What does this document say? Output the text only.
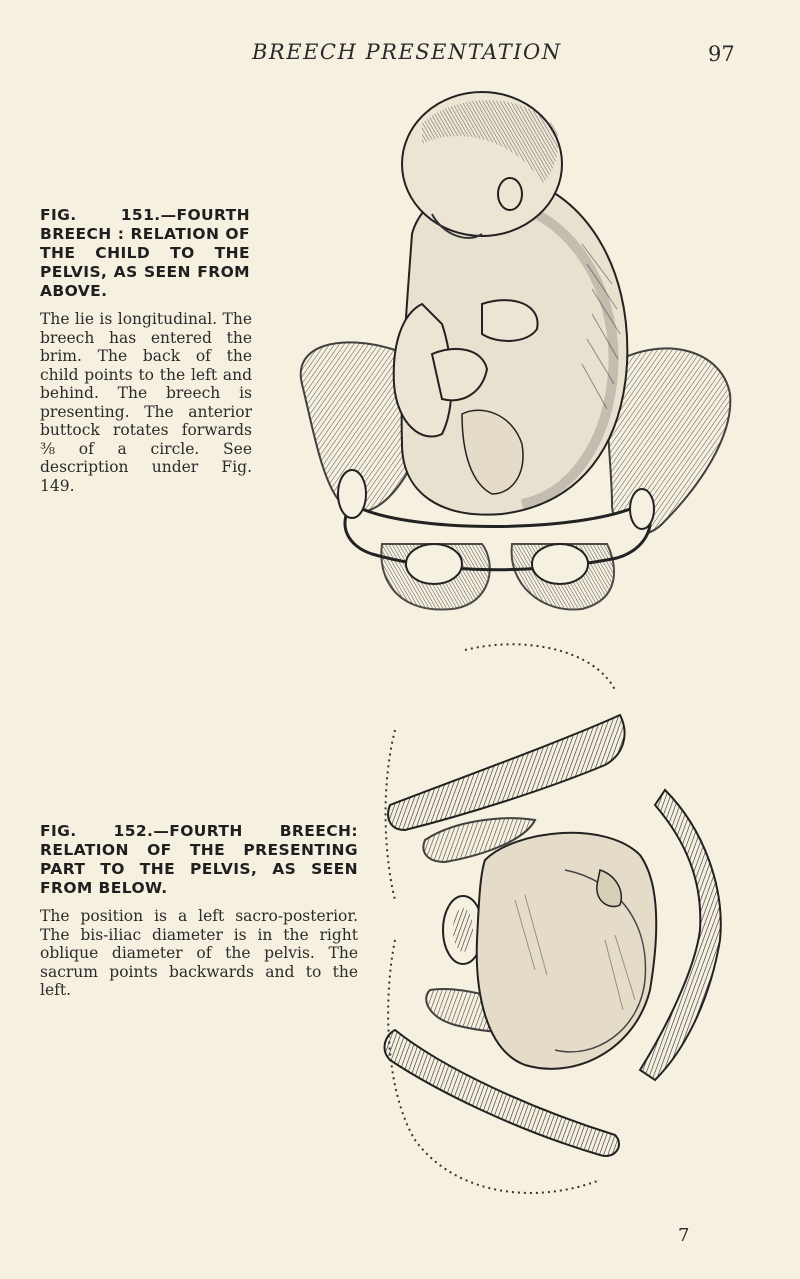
BREECH PRESENTATION	97

FIG. 151.—FOURTH BREECH : RELATION OF THE CHILD TO THE PELVIS, AS SEEN FROM ABOVE.

The lie is longitudinal. The breech has entered the brim. The back of the child points to the left and behind. The breech is presenting. The anterior buttock rotates forwards ⅜ of a circle. See description under Fig. 149.

FIG. 152.—FOURTH BREECH: RELATION OF THE PRESENTING PART TO THE PELVIS, AS SEEN FROM BELOW.

The position is a left sacro-posterior. The bis-iliac diameter is in the right oblique diameter of the pelvis. The sacrum points backwards and to the left.

7
